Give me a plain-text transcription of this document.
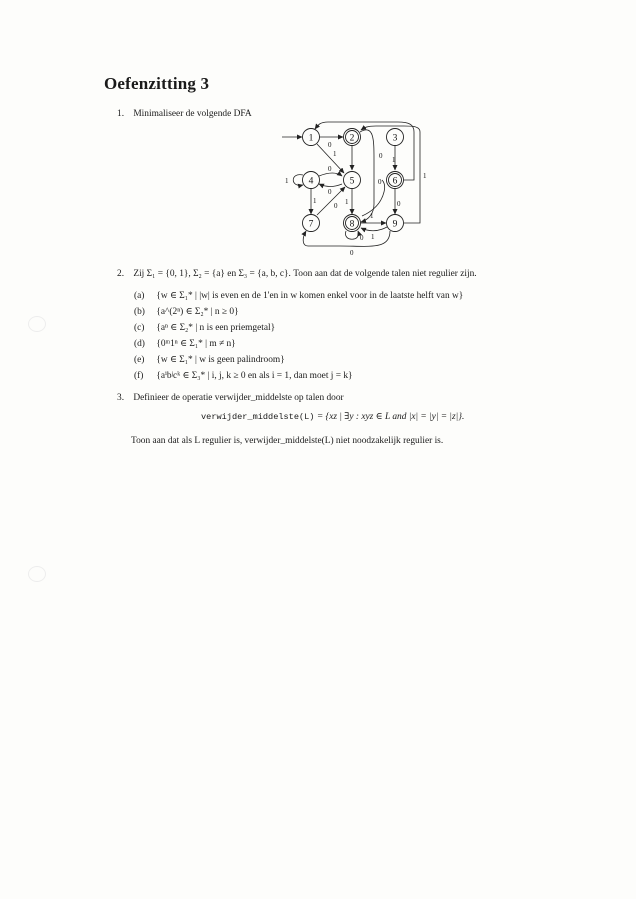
Oefenzitting 3
1. Minimaliseer de volgende DFA
0
1
0
1
0
0
1
0
1
1
1
0
1
0
0
1
0
1	2	3
4	5	6
7	8	9
2. Zij Σ₁ = {0, 1}, Σ₂ = {a} en Σ₃ = {a, b, c}. Toon aan dat de volgende talen niet regulier zijn.
(a) {w ∈ Σ₁* | |w| is even en de 1'en in w komen enkel voor in de laatste helft van w}
(b) {a^(2ⁿ) ∈ Σ₂* | n ≥ 0}
(c) {aⁿ ∈ Σ₂* | n is een priemgetal}
(d) {0ᵐ1ⁿ ∈ Σ₁* | m ≠ n}
(e) {w ∈ Σ₁* | w is geen palindroom}
(f) {aⁱbʲcᵏ ∈ Σ₃* | i, j, k ≥ 0 en als i = 1, dan moet j = k}
3. Definieer de operatie verwijder_middelste op talen door
verwijder_middelste(L) = {xz | ∃y : xyz ∈ L and |x| = |y| = |z|}.
Toon aan dat als L regulier is, verwijder_middelste(L) niet noodzakelijk regulier is.
